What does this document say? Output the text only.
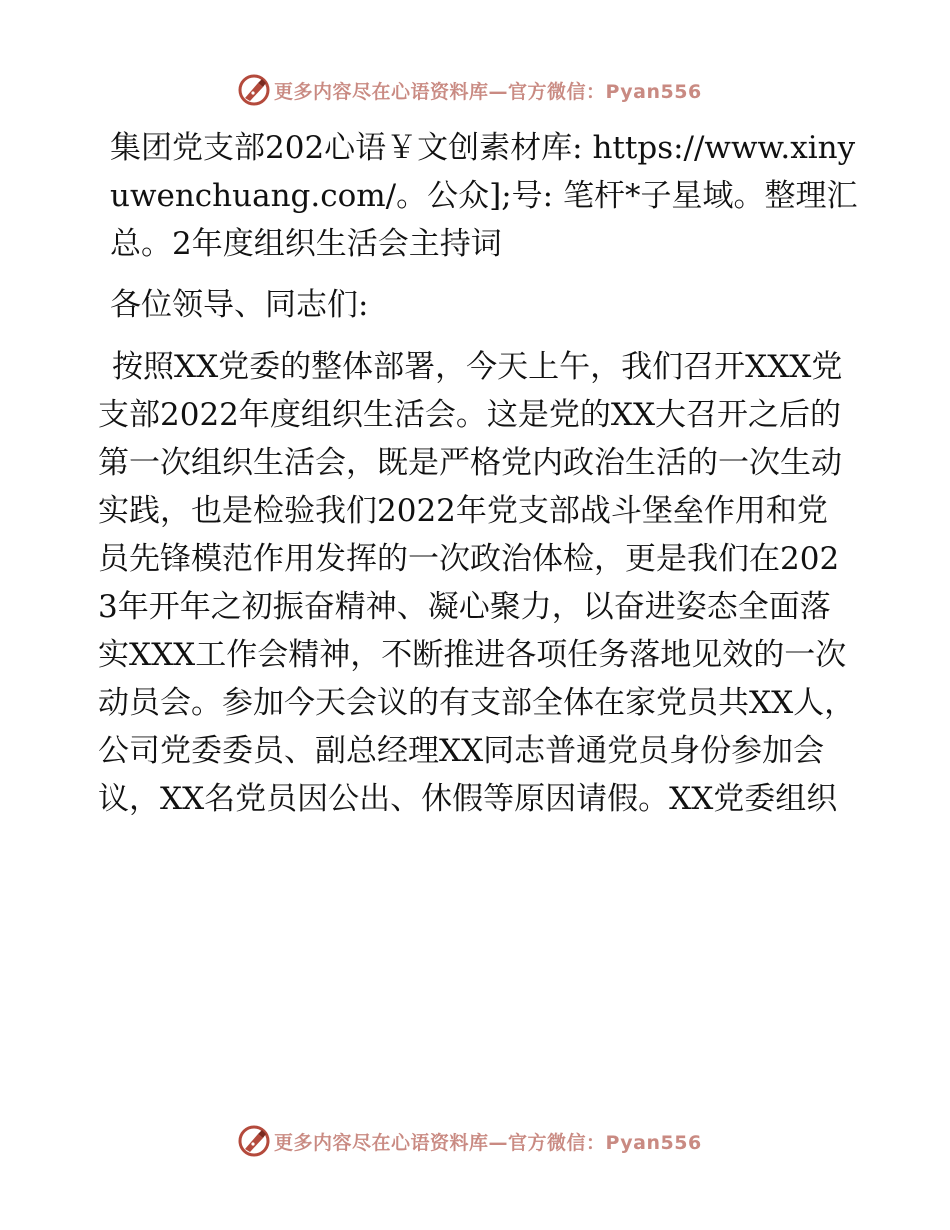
更多内容尽在心语资料库—官方微信：Pyan556

集团党支部202心语￥文创素材库: https://www.xinyuwenchuang.com/。公众];号: 笔杆*子星域。整理汇总。2年度组织生活会主持词

各位领导、同志们:

按照XX党委的整体部署，今天上午，我们召开XXX党支部2022年度组织生活会。这是党的XX大召开之后的第一次组织生活会，既是严格党内政治生活的一次生动实践，也是检验我们2022年党支部战斗堡垒作用和党员先锋模范作用发挥的一次政治体检，更是我们在2023年开年之初振奋精神、凝心聚力，以奋进姿态全面落实XXX工作会精神，不断推进各项任务落地见效的一次动员会。参加今天会议的有支部全体在家党员共XX人，公司党委委员、副总经理XX同志普通党员身份参加会议，XX名党员因公出、休假等原因请假。XX党委组织

更多内容尽在心语资料库—官方微信：Pyan556
